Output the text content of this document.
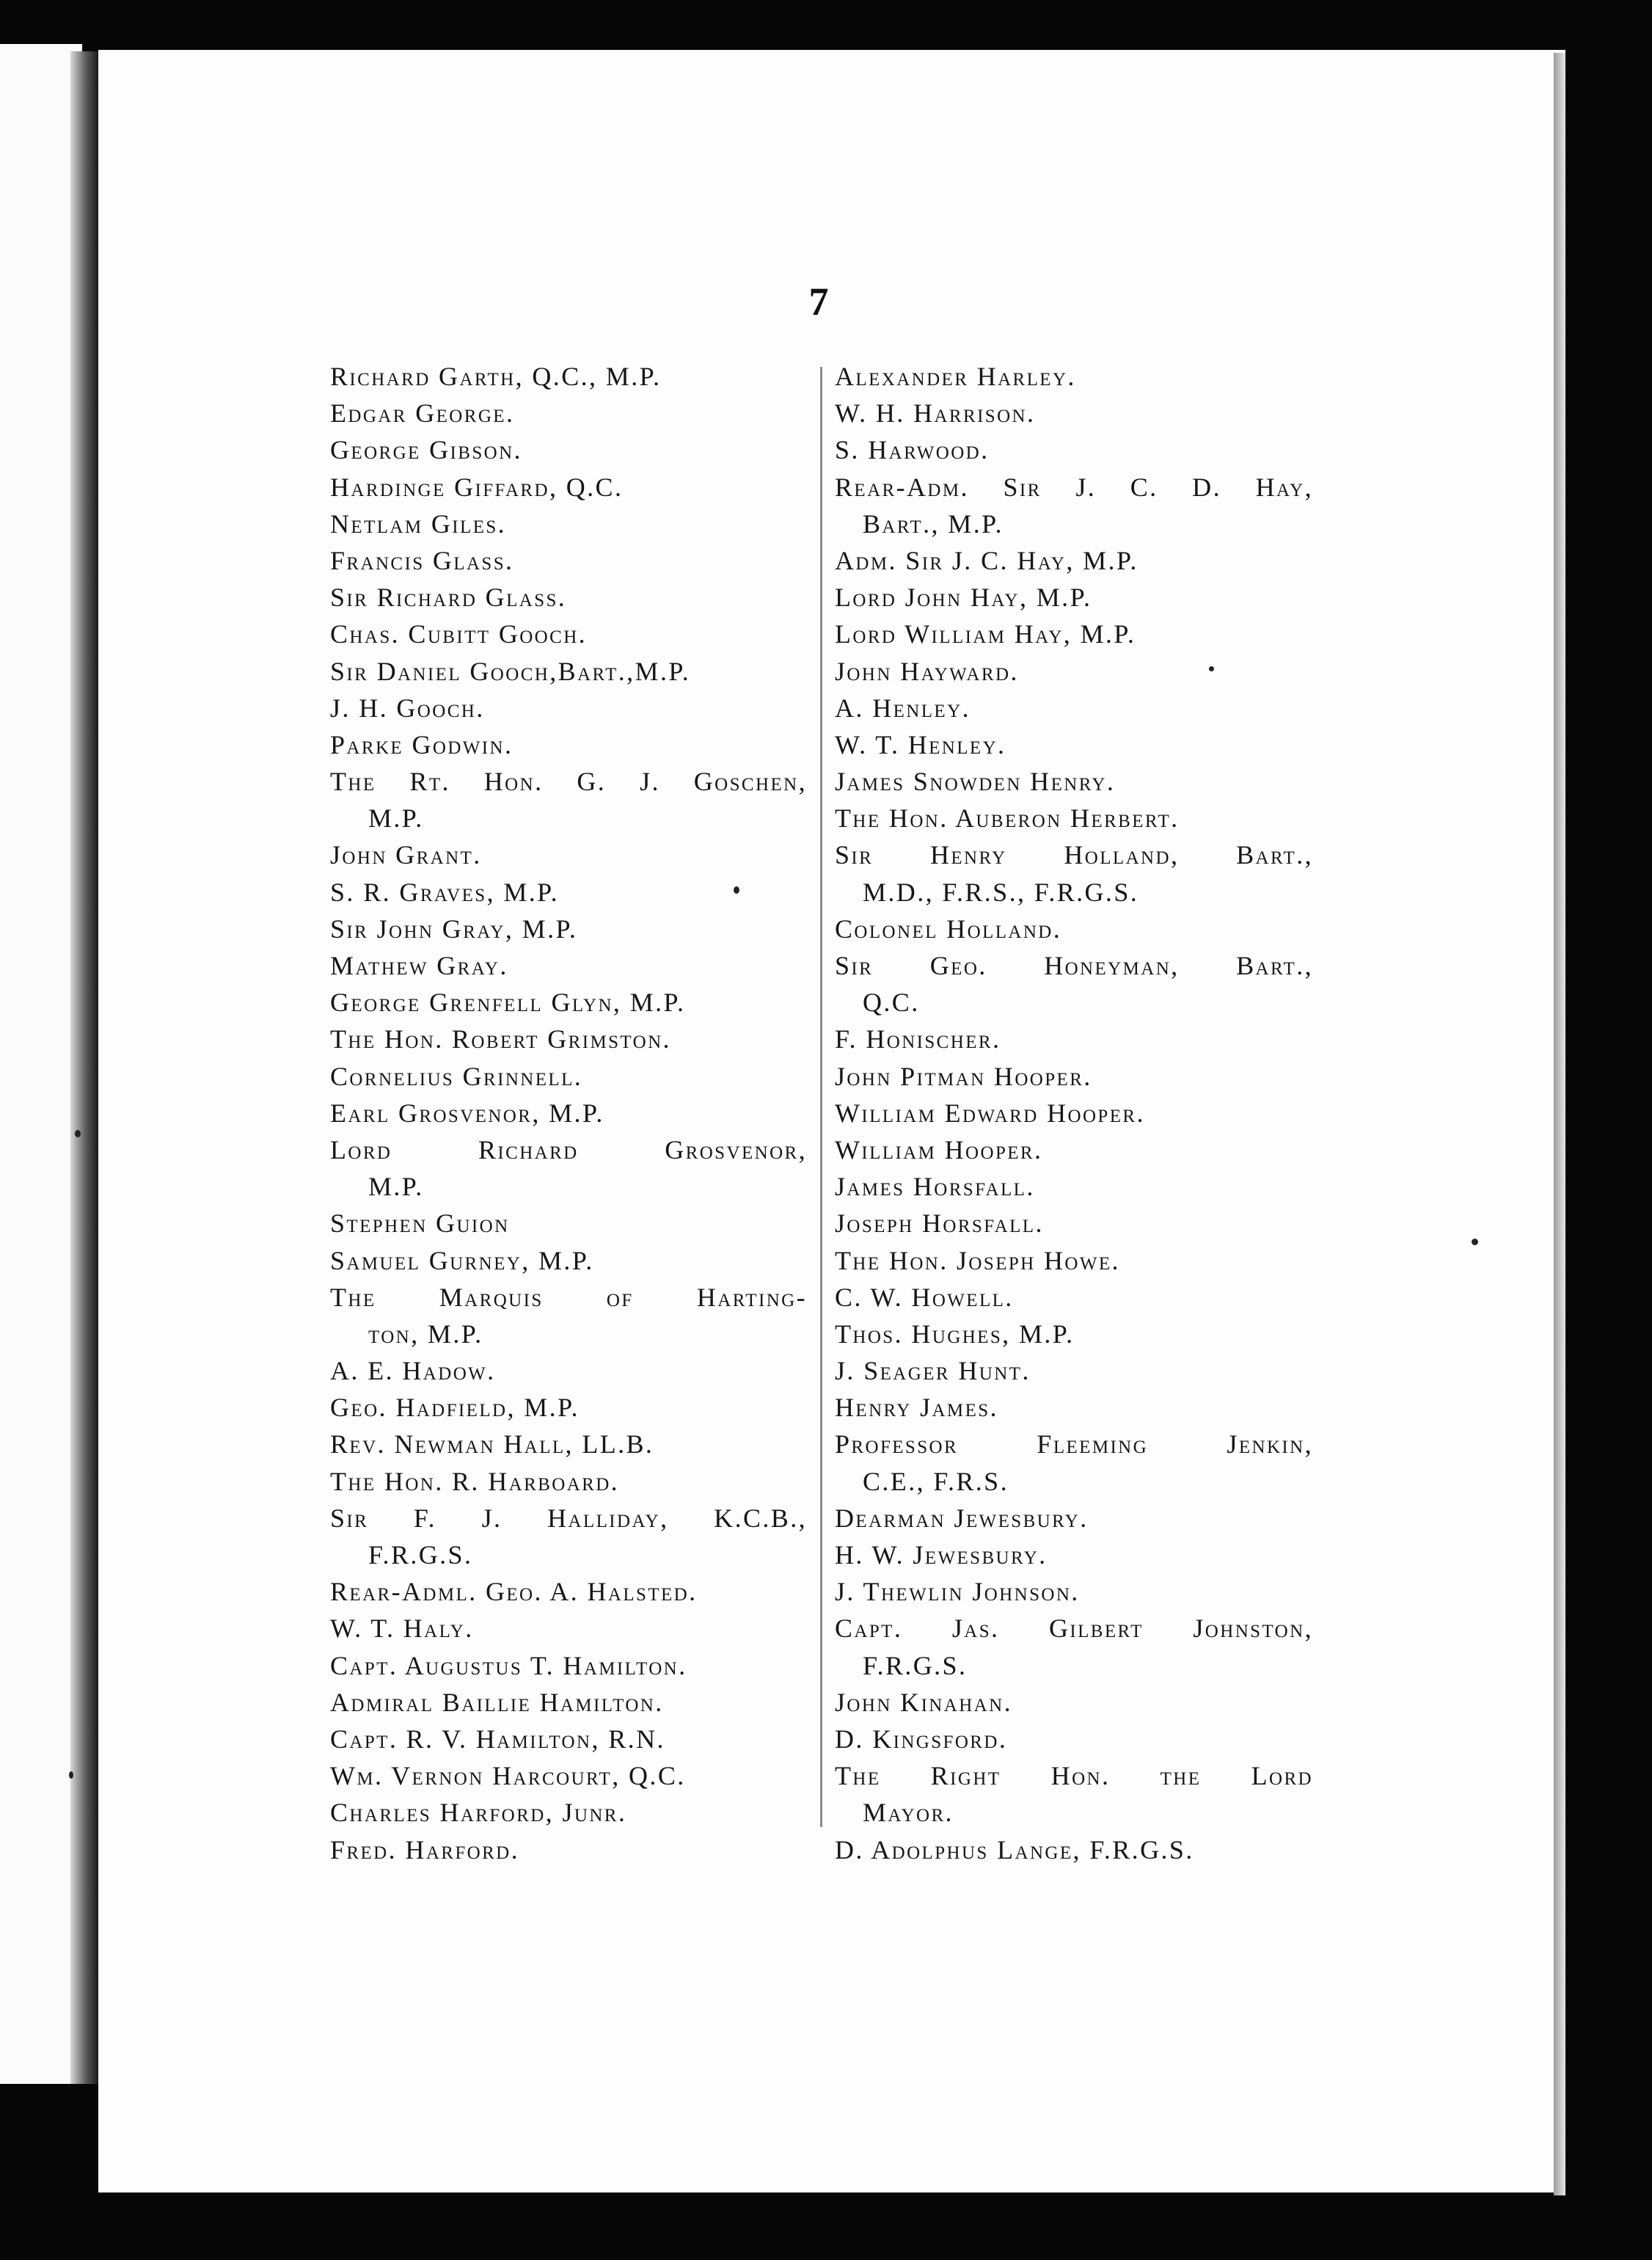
7
Richard Garth, Q.C., M.P.
Edgar George.
George Gibson.
Hardinge Giffard, Q.C.
Netlam Giles.
Francis Glass.
Sir Richard Glass.
Chas. Cubitt Gooch.
Sir Daniel Gooch,Bart.,M.P.
J. H. Gooch.
Parke Godwin.
The Rt. Hon. G. J. Goschen,
M.P.
John Grant.
S. R. Graves, M.P.
Sir John Gray, M.P.
Mathew Gray.
George Grenfell Glyn, M.P.
The Hon. Robert Grimston.
Cornelius Grinnell.
Earl Grosvenor, M.P.
Lord Richard Grosvenor,
M.P.
Stephen Guion
Samuel Gurney, M.P.
The Marquis of Harting-
ton, M.P.
A. E. Hadow.
Geo. Hadfield, M.P.
Rev. Newman Hall, LL.B.
The Hon. R. Harboard.
Sir F. J. Halliday, K.C.B.,
F.R.G.S.
Rear-Adml. Geo. A. Halsted.
W. T. Haly.
Capt. Augustus T. Hamilton.
Admiral Baillie Hamilton.
Capt. R. V. Hamilton, R.N.
Wm. Vernon Harcourt, Q.C.
Charles Harford, Junr.
Fred. Harford.
Alexander Harley.
W. H. Harrison.
S. Harwood.
Rear-Adm. Sir J. C. D. Hay,
Bart., M.P.
Adm. Sir J. C. Hay, M.P.
Lord John Hay, M.P.
Lord William Hay, M.P.
John Hayward.
A. Henley.
W. T. Henley.
James Snowden Henry.
The Hon. Auberon Herbert.
Sir Henry Holland, Bart.,
M.D., F.R.S., F.R.G.S.
Colonel Holland.
Sir Geo. Honeyman, Bart.,
Q.C.
F. Honischer.
John Pitman Hooper.
William Edward Hooper.
William Hooper.
James Horsfall.
Joseph Horsfall.
The Hon. Joseph Howe.
C. W. Howell.
Thos. Hughes, M.P.
J. Seager Hunt.
Henry James.
Professor Fleeming Jenkin,
C.E., F.R.S.
Dearman Jewesbury.
H. W. Jewesbury.
J. Thewlin Johnson.
Capt. Jas. Gilbert Johnston,
F.R.G.S.
John Kinahan.
D. Kingsford.
The Right Hon. the Lord
Mayor.
D. Adolphus Lange, F.R.G.S.
